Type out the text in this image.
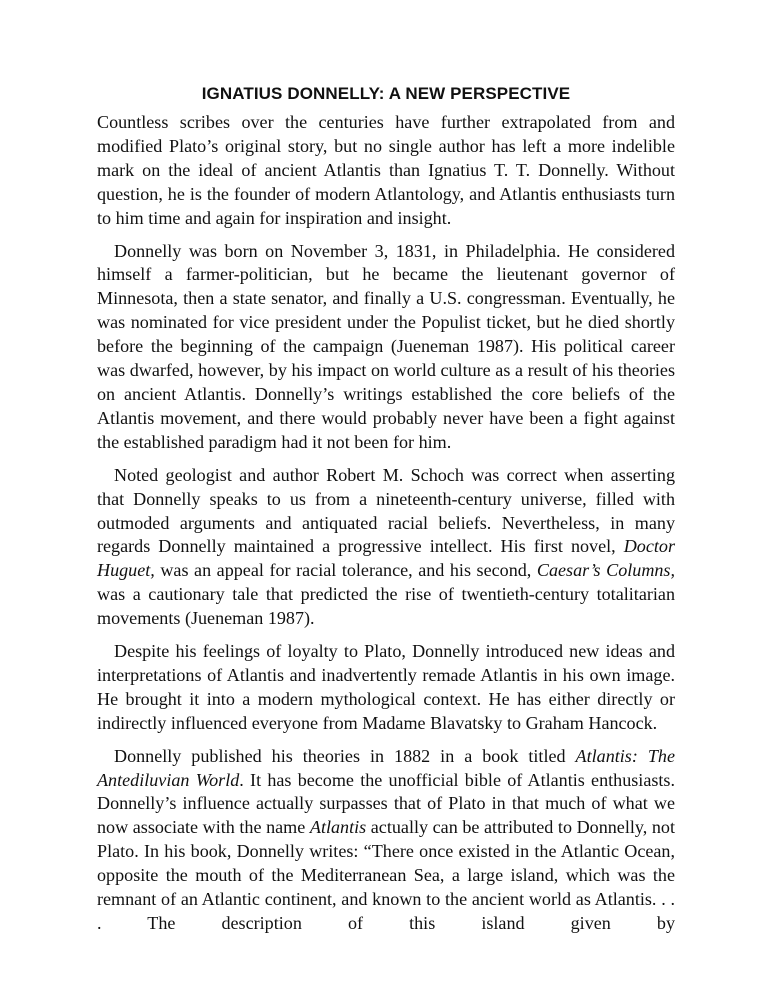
IGNATIUS DONNELLY: A NEW PERSPECTIVE

Countless scribes over the centuries have further extrapolated from and modified Plato’s original story, but no single author has left a more indelible mark on the ideal of ancient Atlantis than Ignatius T. T. Donnelly. Without question, he is the founder of modern Atlantology, and Atlantis enthusiasts turn to him time and again for inspiration and insight.

Donnelly was born on November 3, 1831, in Philadelphia. He considered himself a farmer-politician, but he became the lieutenant governor of Minnesota, then a state senator, and finally a U.S. congressman. Eventually, he was nominated for vice president under the Populist ticket, but he died shortly before the beginning of the campaign (Jueneman 1987). His political career was dwarfed, however, by his impact on world culture as a result of his theories on ancient Atlantis. Donnelly’s writings established the core beliefs of the Atlantis movement, and there would probably never have been a fight against the established paradigm had it not been for him.

Noted geologist and author Robert M. Schoch was correct when asserting that Donnelly speaks to us from a nineteenth-century universe, filled with outmoded arguments and antiquated racial beliefs. Nevertheless, in many regards Donnelly maintained a progressive intellect. His first novel, Doctor Huguet, was an appeal for racial tolerance, and his second, Caesar’s Columns, was a cautionary tale that predicted the rise of twentieth-century totalitarian movements (Jueneman 1987).

Despite his feelings of loyalty to Plato, Donnelly introduced new ideas and interpretations of Atlantis and inadvertently remade Atlantis in his own image. He brought it into a modern mythological context. He has either directly or indirectly influenced everyone from Madame Blavatsky to Graham Hancock.

Donnelly published his theories in 1882 in a book titled Atlantis: The Antediluvian World. It has become the unofficial bible of Atlantis enthusiasts. Donnelly’s influence actually surpasses that of Plato in that much of what we now associate with the name Atlantis actually can be attributed to Donnelly, not Plato. In his book, Donnelly writes: “There once existed in the Atlantic Ocean, opposite the mouth of the Mediterranean Sea, a large island, which was the remnant of an Atlantic continent, and known to the ancient world as Atlantis. . . . The description of this island given by
